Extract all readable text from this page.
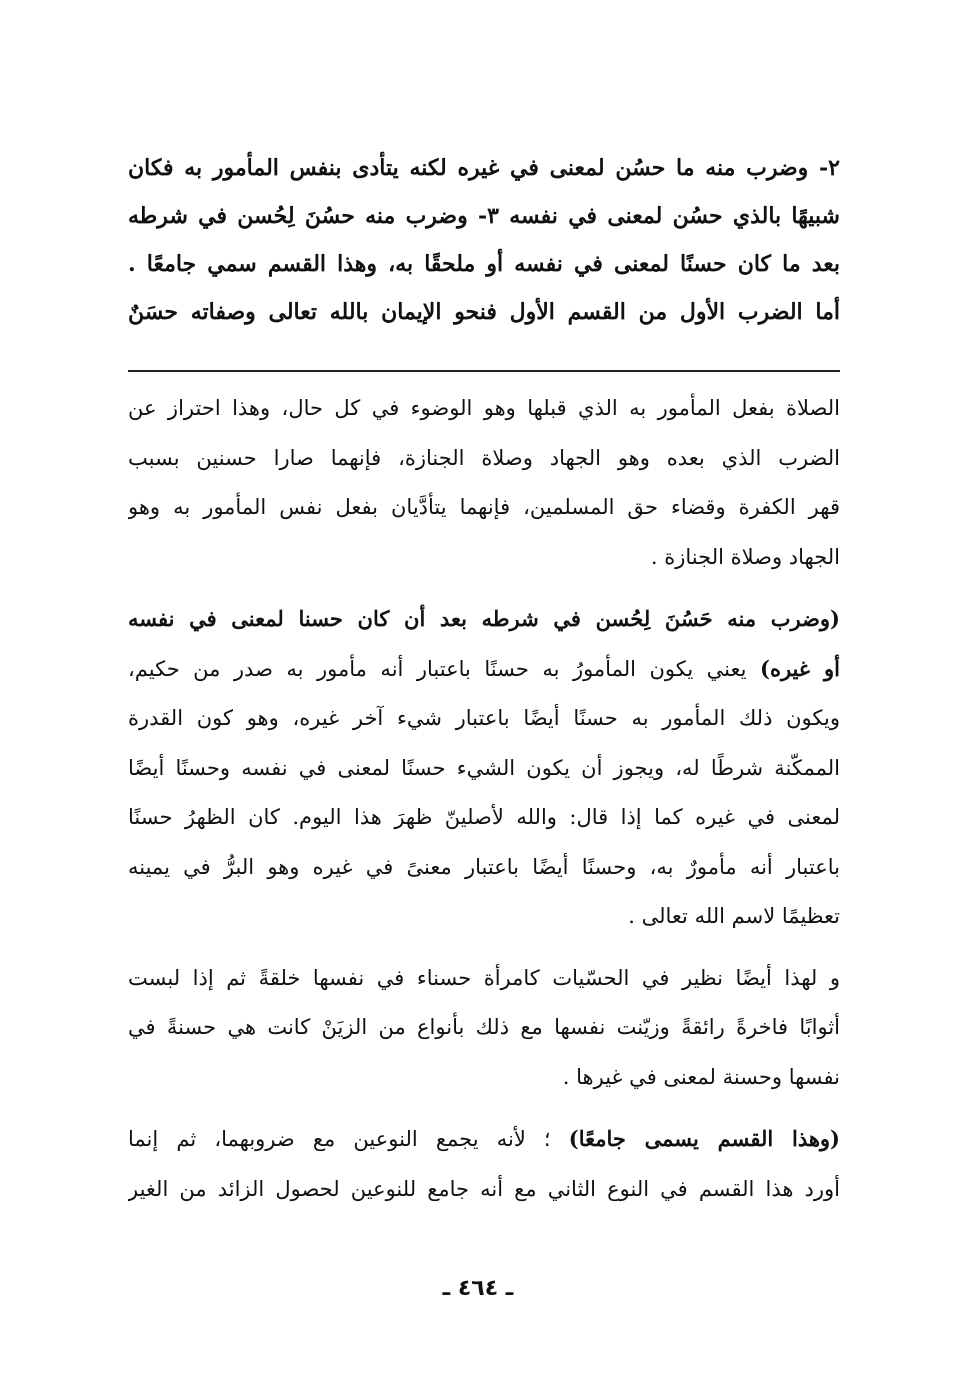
٢- وضرب منه ما حسُن لمعنى في غيره لكنه يتأدى بنفس المأمور به فكان
شبيهًا بالذي حسُن لمعنى في نفسه ٣- وضرب منه حسُنَ لِحُسن في شرطه
بعد ما كان حسنًا لمعنى في نفسه أو ملحقًا به، وهذا القسم سمي جامعًا .
أما الضرب الأول من القسم الأول فنحو الإيمان بالله تعالى وصفاته حسَنٌ
الصلاة بفعل المأمور به الذي قبلها وهو الوضوء في كل حال، وهذا احتراز عن
الضرب الذي بعده وهو الجهاد وصلاة الجنازة، فإنهما صارا حسنين بسبب
قهر الكفرة وقضاء حق المسلمين، فإنهما يتأدَّيان بفعل نفس المأمور به وهو
الجهاد وصلاة الجنازة .
(وضرب منه حَسُنَ لِحُسن في شرطه بعد أن كان حسنا لمعنى في نفسه
أو غيره) يعني يكون المأمورُ به حسنًا باعتبار أنه مأمور به صدر من حكيم،
ويكون ذلك المأمور به حسنًا أيضًا باعتبار شيء آخر غيره، وهو كون القدرة
الممكّنة شرطًا له، ويجوز أن يكون الشيء حسنًا لمعنى في نفسه وحسنًا أيضًا
لمعنى في غيره كما إذا قال: والله لأصلينّ ظهرَ هذا اليوم. كان الظهرُ حسنًا
باعتبار أنه مأمورٌ به، وحسنًا أيضًا باعتبار معنىً في غيره وهو البرُّ في يمينه
تعظيمًا لاسم الله تعالى .
و لهذا أيضًا نظير في الحسّيات كامرأة حسناء في نفسها خلقةً ثم إذا لبست
أثوابًا فاخرةً رائقةً وزيّنت نفسها مع ذلك بأنواع من الزيَنْ كانت هي حسنةً في
نفسها وحسنة لمعنى في غيرها .
(وهذا القسم يسمى جامعًا) ؛ لأنه يجمع النوعين مع ضروبهما، ثم إنما
أورد هذا القسم في النوع الثاني مع أنه جامع للنوعين لحصول الزائد من الغير
ـ ٤٦٤ ـ
